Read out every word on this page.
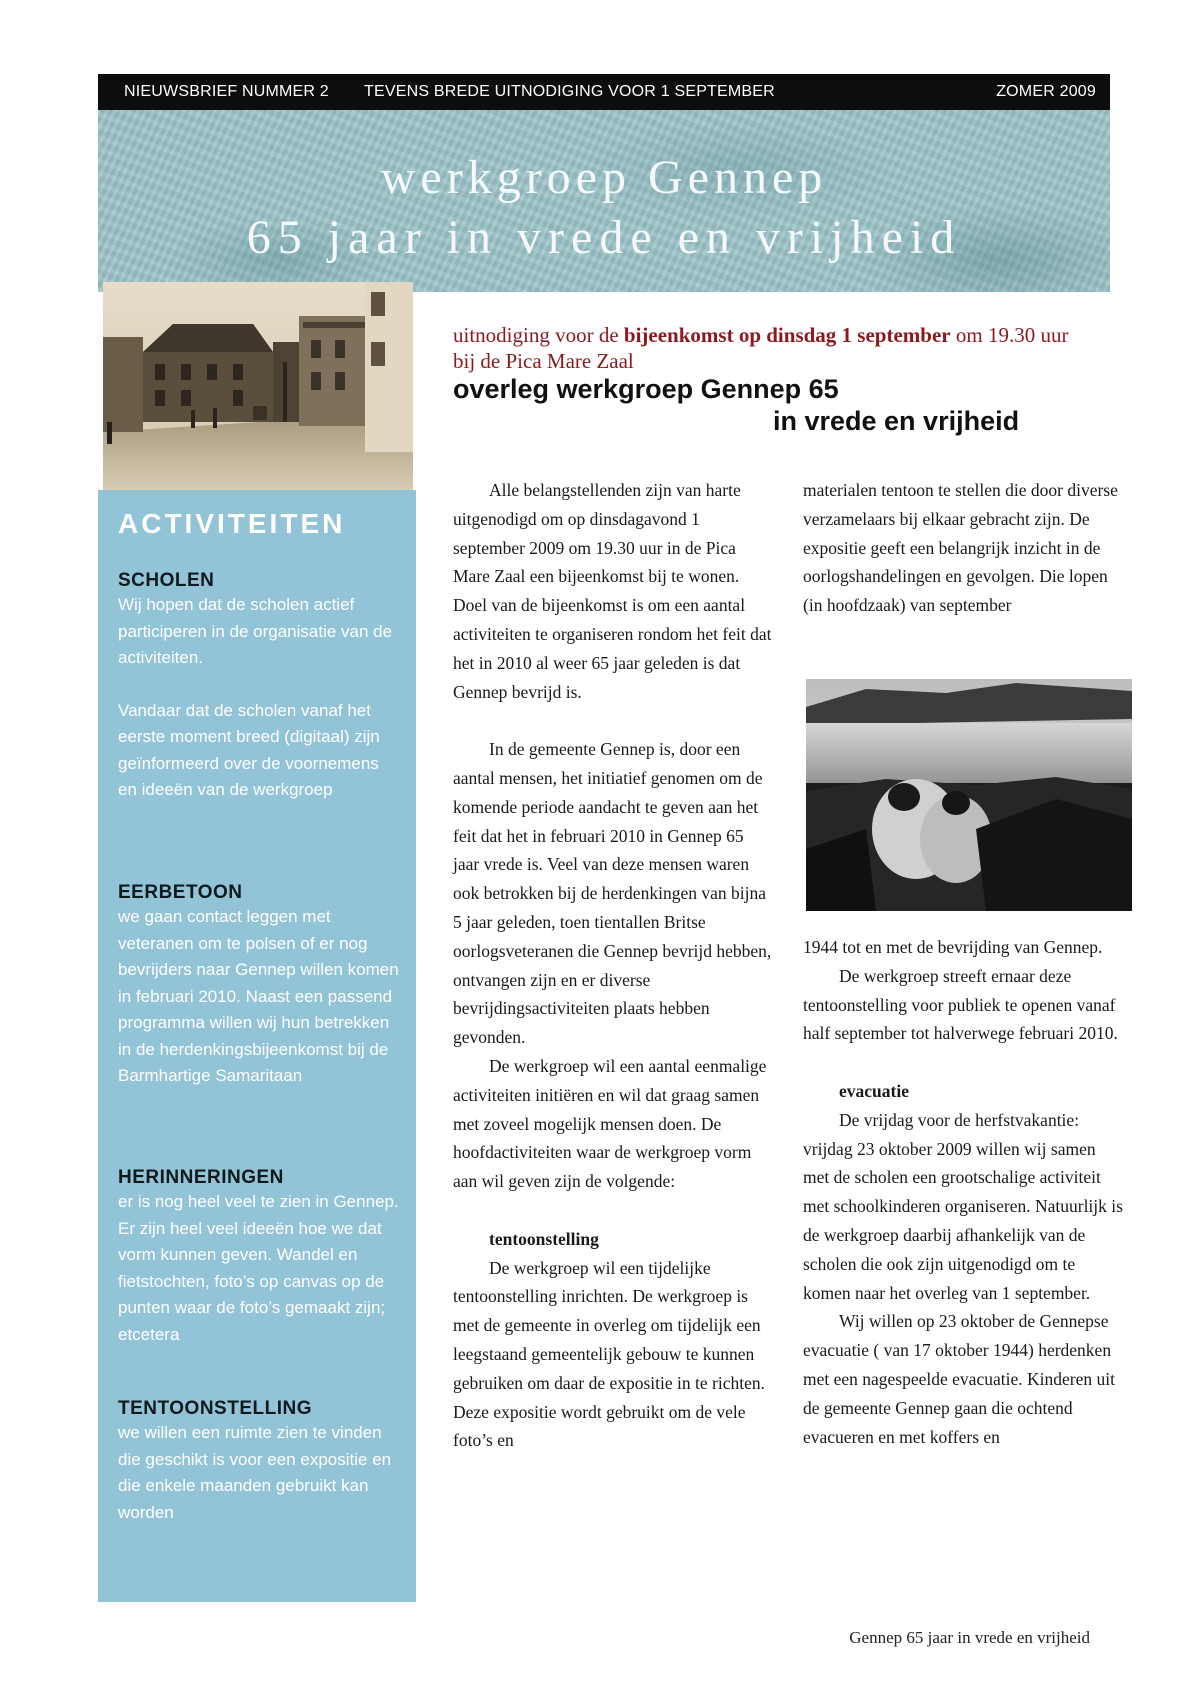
NIEUWSBRIEF NUMMER 2 TEVENS BREDE UITNODIGING VOOR 1 SEPTEMBER	ZOMER 2009
werkgroep Gennep
65 jaar in vrede en vrijheid
ACTIVITEITEN
SCHOLEN

Wij hopen dat de scholen actief participeren in de organisatie van de activiteiten.

Vandaar dat de scholen vanaf het eerste moment breed (digitaal) zijn geïnformeerd over de voornemens en ideeën van de werkgroep

EERBETOON

we gaan contact leggen met veteranen om te polsen of er nog bevrijders naar Gennep willen komen in februari 2010. Naast een passend programma willen wij hun betrekken in de herdenkingsbijeenkomst bij de Barmhartige Samaritaan

HERINNERINGEN

er is nog heel veel te zien in Gennep. Er zijn heel veel ideeën hoe we dat vorm kunnen geven. Wandel en fietstochten, foto’s op canvas op de punten waar de foto’s gemaakt zijn; etcetera

TENTOONSTELLING

we willen een ruimte zien te vinden die geschikt is voor een expositie en die enkele maanden gebruikt kan worden

uitnodiging voor de bijeenkomst op dinsdag 1 september om 19.30 uur bij de Pica Mare Zaal
overleg werkgroep Gennep 65
in vrede en vrijheid

Alle belangstellenden zijn van harte uitgenodigd om op dinsdagavond 1 september 2009 om 19.30 uur in de Pica Mare Zaal een bijeenkomst bij te wonen. Doel van de bijeenkomst is om een aantal activiteiten te organiseren rondom het feit dat het in 2010 al weer 65 jaar geleden is dat Gennep bevrijd is.

In de gemeente Gennep is, door een aantal mensen, het initiatief genomen om de komende periode aandacht te geven aan het feit dat het in februari 2010 in Gennep 65 jaar vrede is. Veel van deze mensen waren ook betrokken bij de herdenkingen van bijna 5 jaar geleden, toen tientallen Britse oorlogsveteranen die Gennep bevrijd hebben, ontvangen zijn en er diverse bevrijdingsactiviteiten plaats hebben gevonden.

De werkgroep wil een aantal eenmalige activiteiten initiëren en wil dat graag samen met zoveel mogelijk mensen doen. De hoofdactiviteiten waar de werkgroep vorm aan wil geven zijn de volgende:

tentoonstelling

De werkgroep wil een tijdelijke tentoonstelling inrichten. De werkgroep is met de gemeente in overleg om tijdelijk een leegstaand gemeentelijk gebouw te kunnen gebruiken om daar de expositie in te richten. Deze expositie wordt gebruikt om de vele foto’s en

materialen tentoon te stellen die door diverse verzamelaars bij elkaar gebracht zijn. De expositie geeft een belangrijk inzicht in de oorlogshandelingen en gevolgen. Die lopen (in hoofdzaak) van september

1944 tot en met de bevrijding van Gennep.

De werkgroep streeft ernaar deze tentoonstelling voor publiek te openen vanaf half september tot halverwege februari 2010.

evacuatie

De vrijdag voor de herfstvakantie: vrijdag 23 oktober 2009 willen wij samen met de scholen een grootschalige activiteit met schoolkinderen organiseren. Natuurlijk is de werkgroep daarbij afhankelijk van de scholen die ook zijn uitgenodigd om te komen naar het overleg van 1 september.

Wij willen op 23 oktober de Gennepse evacuatie ( van 17 oktober 1944) herdenken met een nagespeelde evacuatie. Kinderen uit de gemeente Gennep gaan die ochtend evacueren en met koffers en

Gennep 65 jaar in vrede en vrijheid
